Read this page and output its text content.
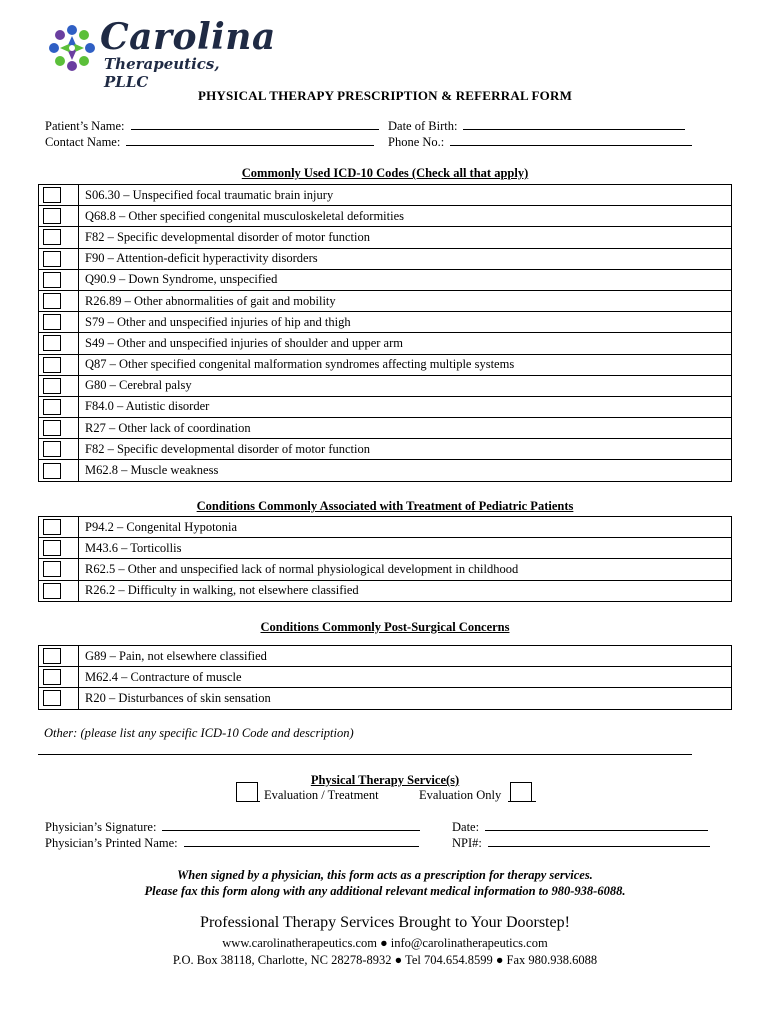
Carolina
Therapeutics, PLLC
PHYSICAL THERAPY PRESCRIPTION & REFERRAL FORM
Patient’s Name:	Date of Birth:
Contact Name:	Phone No.:
Commonly Used ICD-10 Codes (Check all that apply)
	S06.30 – Unspecified focal traumatic brain injury

	Q68.8 – Other specified congenital musculoskeletal deformities

	F82 – Specific developmental disorder of motor function

	F90 – Attention-deficit hyperactivity disorders

	Q90.9 – Down Syndrome, unspecified

	R26.89 – Other abnormalities of gait and mobility

	S79 – Other and unspecified injuries of hip and thigh

	S49 – Other and unspecified injuries of shoulder and upper arm

	Q87 – Other specified congenital malformation syndromes affecting multiple systems

	G80 – Cerebral palsy

	F84.0 – Autistic disorder

	R27 – Other lack of coordination

	F82 – Specific developmental disorder of motor function

	M62.8 – Muscle weakness
Conditions Commonly Associated with Treatment of Pediatric Patients
	P94.2 – Congenital Hypotonia

	M43.6 – Torticollis

	R62.5 – Other and unspecified lack of normal physiological development in childhood

	R26.2 – Difficulty in walking, not elsewhere classified
Conditions Commonly Post-Surgical Concerns
	G89 – Pain, not elsewhere classified

	M62.4 – Contracture of muscle

	R20 – Disturbances of skin sensation
Other: (please list any specific ICD-10 Code and description)
Physical Therapy Service(s)
Evaluation / Treatment	Evaluation Only
Physician’s Signature:	Date:
Physician’s Printed Name:	NPI#:
When signed by a physician, this form acts as a prescription for therapy services.
Please fax this form along with any additional relevant medical information to 980-938-6088.
Professional Therapy Services Brought to Your Doorstep!
www.carolinatherapeutics.com ● info@carolinatherapeutics.com
P.O. Box 38118, Charlotte, NC 28278-8932 ● Tel 704.654.8599 ● Fax 980.938.6088
